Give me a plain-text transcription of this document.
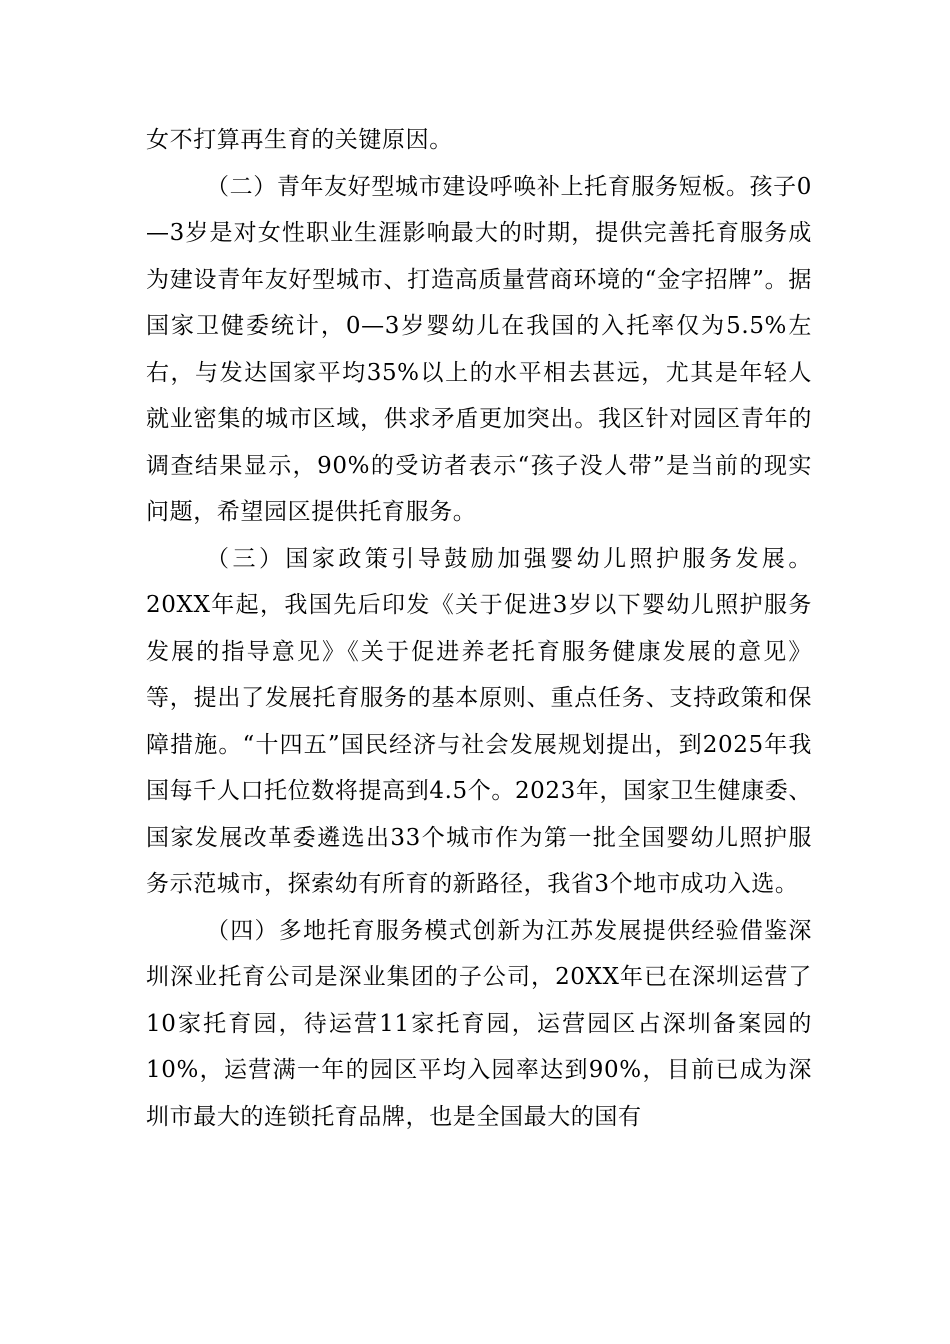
女不打算再生育的关键原因。

（二）青年友好型城市建设呼唤补上托育服务短板。孩子0—3岁是对女性职业生涯影响最大的时期，提供完善托育服务成为建设青年友好型城市、打造高质量营商环境的“金字招牌”。据国家卫健委统计，0—3岁婴幼儿在我国的入托率仅为5.5%左右，与发达国家平均35%以上的水平相去甚远，尤其是年轻人就业密集的城市区域，供求矛盾更加突出。我区针对园区青年的调查结果显示，90%的受访者表示“孩子没人带”是当前的现实问题，希望园区提供托育服务。

（三）国家政策引导鼓励加强婴幼儿照护服务发展。20XX年起，我国先后印发《关于促进3岁以下婴幼儿照护服务发展的指导意见》《关于促进养老托育服务健康发展的意见》等，提出了发展托育服务的基本原则、重点任务、支持政策和保障措施。“十四五”国民经济与社会发展规划提出，到2025年我国每千人口托位数将提高到4.5个。2023年，国家卫生健康委、国家发展改革委遴选出33个城市作为第一批全国婴幼儿照护服务示范城市，探索幼有所育的新路径，我省3个地市成功入选。

（四）多地托育服务模式创新为江苏发展提供经验借鉴深圳深业托育公司是深业集团的子公司，20XX年已在深圳运营了10家托育园，待运营11家托育园，运营园区占深圳备案园的10%，运营满一年的园区平均入园率达到90%，目前已成为深圳市最大的连锁托育品牌，也是全国最大的国有
